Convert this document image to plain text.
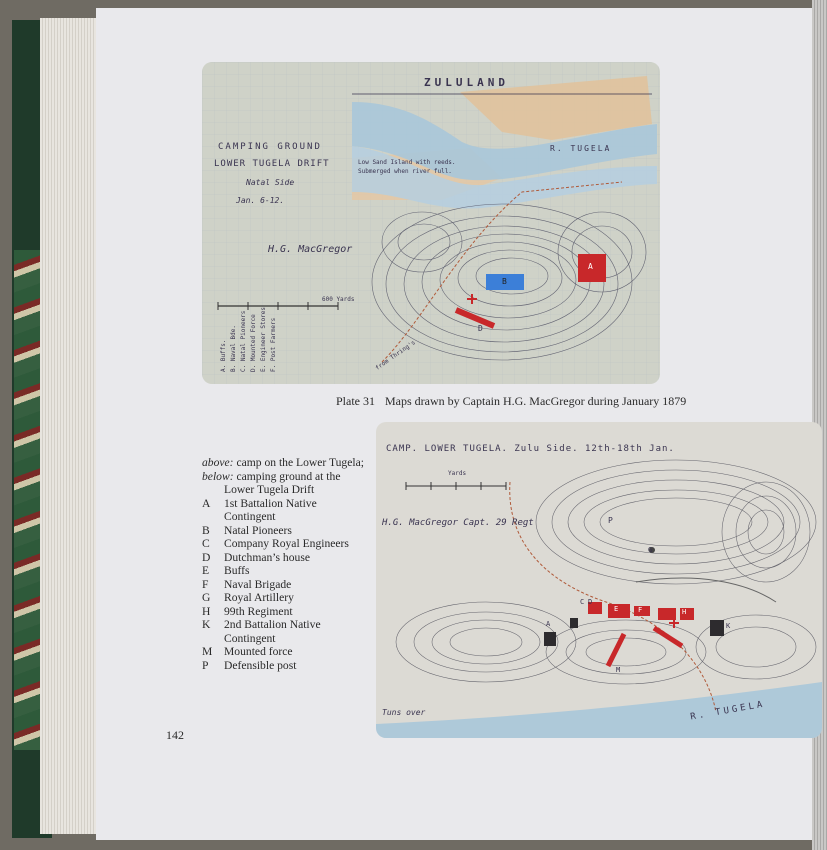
ZULULAND
CAMPING GROUND
LOWER TUGELA DRIFT
Natal Side
Jan. 6-12.
H.G. MacGregor
R. TUGELA
Low Sand Island with reeds. Submerged when river full.
600 Yards
from Thring's
A
B
D
A. Buffs. B. Naval Bde. C. Natal Pioneers D. Mounted Force E. Engineer Stores F. Post Farmers
Plate 31 Maps drawn by Captain H.G. MacGregor during January 1879
CAMP. LOWER TUGELA. Zulu Side. 12th-18th Jan.
Yards
H.G. MacGregor Capt. 29 Regt
R. TUGELA
Tuns over
A
C D
E	F
G
H
K
M
P
above: camp on the Lower Tugela;
below: camping ground at the
Lower Tugela Drift
A 1st Battalion Native
Contingent
B Natal Pioneers
C Company Royal Engineers
D Dutchman’s house
E Buffs
F Naval Brigade
G Royal Artillery
H 99th Regiment
K 2nd Battalion Native
Contingent
M Mounted force
P Defensible post
142
